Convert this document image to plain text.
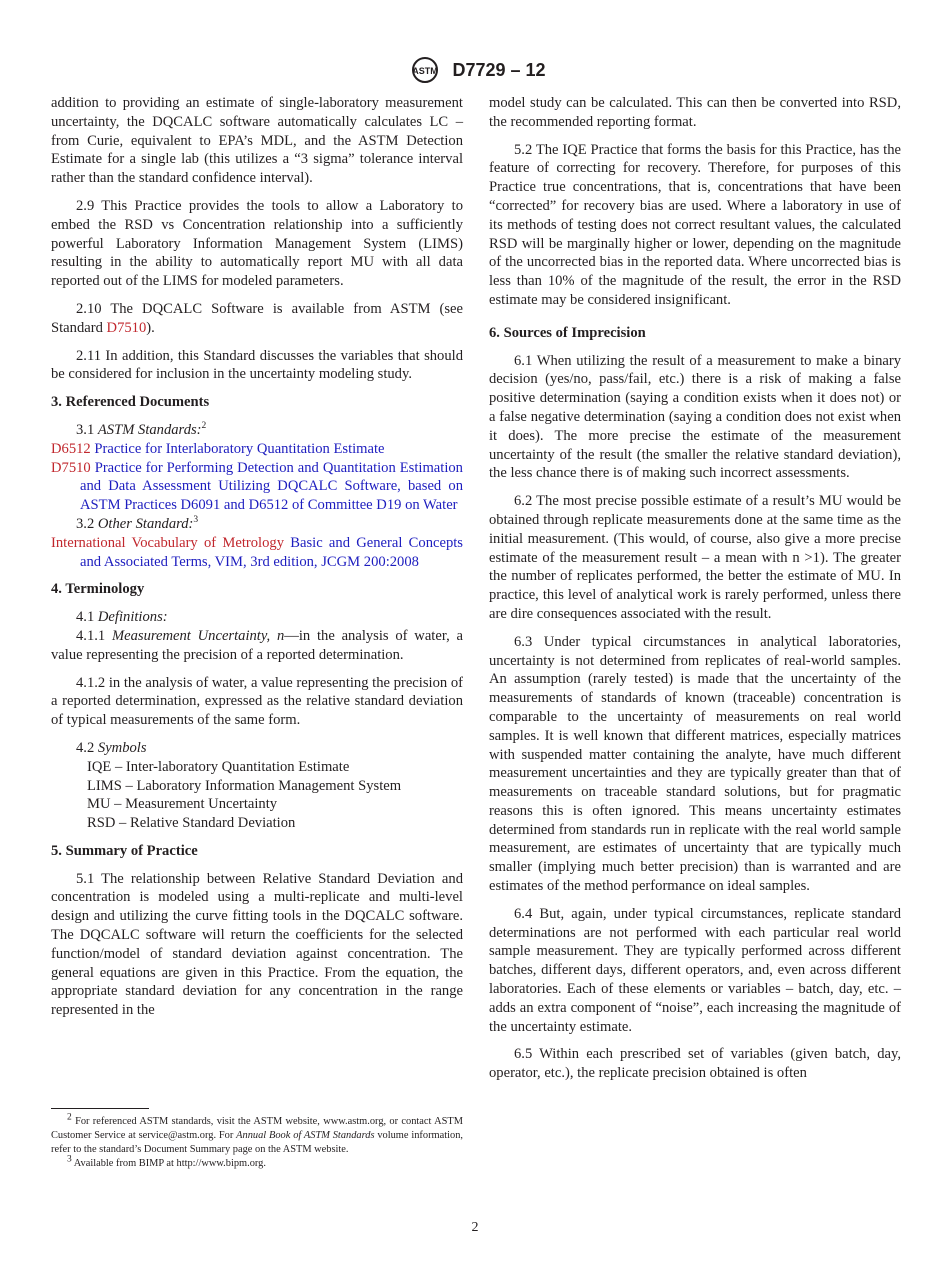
ASTM D7729 – 12

addition to providing an estimate of single-laboratory measurement uncertainty, the DQCALC software automatically calculates LC – from Curie, equivalent to EPA’s MDL, and the ASTM Detection Estimate for a single lab (this utilizes a “3 sigma” tolerance interval rather than the standard confidence interval).

2.9 This Practice provides the tools to allow a Laboratory to embed the RSD vs Concentration relationship into a sufficiently powerful Laboratory Information Management System (LIMS) resulting in the ability to automatically report MU with all data reported out of the LIMS for modeled parameters.

2.10 The DQCALC Software is available from ASTM (see Standard D7510).

2.11 In addition, this Standard discusses the variables that should be considered for inclusion in the uncertainty modeling study.

3. Referenced Documents

3.1 ASTM Standards:$^2$

D6512 Practice for Interlaboratory Quantitation Estimate

D7510 Practice for Performing Detection and Quantitation Estimation and Data Assessment Utilizing DQCALC Software, based on ASTM Practices D6091 and D6512 of Committee D19 on Water

3.2 Other Standard:$^3$

International Vocabulary of Metrology Basic and General Concepts and Associated Terms, VIM, 3rd edition, JCGM 200:2008

4. Terminology

4.1 Definitions:

4.1.1 Measurement Uncertainty, n—in the analysis of water, a value representing the precision of a reported determination.

4.1.2 in the analysis of water, a value representing the precision of a reported determination, expressed as the relative standard deviation of typical measurements of the same form.

4.2 Symbols

IQE – Inter-laboratory Quantitation Estimate

LIMS – Laboratory Information Management System

MU – Measurement Uncertainty

RSD – Relative Standard Deviation

5. Summary of Practice

5.1 The relationship between Relative Standard Deviation and concentration is modeled using a multi-replicate and multi-level design and utilizing the curve fitting tools in the DQCALC software. The DQCALC software will return the coefficients for the selected function/model of standard deviation against concentration. The general equations are given in this Practice. From the equation, the appropriate standard deviation for any concentration in the range represented in the

model study can be calculated. This can then be converted into RSD, the recommended reporting format.

5.2 The IQE Practice that forms the basis for this Practice, has the feature of correcting for recovery. Therefore, for purposes of this Practice true concentrations, that is, concentrations that have been “corrected” for recovery bias are used. Where a laboratory in use of its methods of testing does not correct resultant values, the calculated RSD will be marginally higher or lower, depending on the magnitude of the uncorrected bias in the reported data. Where uncorrected bias is less than 10% of the magnitude of the result, the error in the RSD estimate may be considered insignificant.

6. Sources of Imprecision

6.1 When utilizing the result of a measurement to make a binary decision (yes/no, pass/fail, etc.) there is a risk of making a false positive determination (saying a condition exists when it does not) or a false negative determination (saying a condition does not exist when it does). The more precise the estimate of the measurement uncertainty of the result (the smaller the relative standard deviation), the less chance there is of making such incorrect assessments.

6.2 The most precise possible estimate of a result’s MU would be obtained through replicate measurements done at the same time as the initial measurement. (This would, of course, also give a more precise estimate of the measurement result – a mean with n >1). The greater the number of replicates performed, the better the estimate of MU. In practice, this level of analytical work is rarely performed, unless there are dire consequences associated with the result.

6.3 Under typical circumstances in analytical laboratories, uncertainty is not determined from replicates of real-world samples. An assumption (rarely tested) is made that the uncertainty of the measurements of standards of known (traceable) concentration is comparable to the uncertainty of measurements on real world samples. It is well known that different matrices, especially matrices with suspended matter containing the analyte, have much different measurement uncertainties and they are typically greater than that of measurements on traceable standard solutions, but for pragmatic reasons this is often ignored. This means uncertainty estimates determined from standards run in replicate with the real world sample measurement, are estimates of uncertainty that are typically much smaller (implying much better precision) than is warranted and are estimates of the method performance on ideal samples.

6.4 But, again, under typical circumstances, replicate standard determinations are not performed with each particular real world sample measurement. They are typically performed across different batches, different days, different operators, and, even across different laboratories. Each of these elements or variables – batch, day, etc. – adds an extra component of “noise”, each increasing the magnitude of the uncertainty estimate.

6.5 Within each prescribed set of variables (given batch, day, operator, etc.), the replicate precision obtained is often

$^2$ For referenced ASTM standards, visit the ASTM website, www.astm.org, or contact ASTM Customer Service at service@astm.org. For Annual Book of ASTM Standards volume information, refer to the standard’s Document Summary page on the ASTM website.

$^3$ Available from BIMP at http://www.bipm.org.

2
